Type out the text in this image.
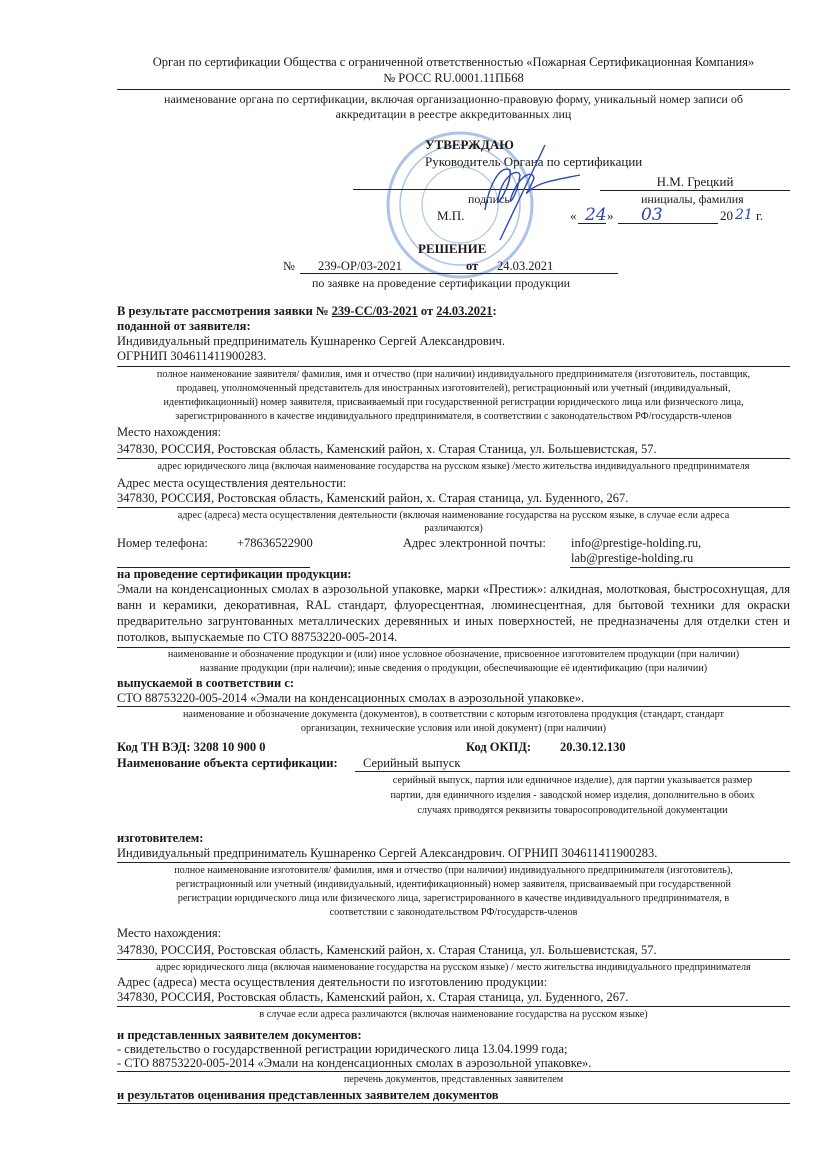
Орган по сертификации Общества с ограниченной ответственностью «Пожарная Сертификационная Компания»
№ РОСС RU.0001.11ПБ68
наименование органа по сертификации, включая организационно-правовую форму, уникальный номер записи об
аккредитации в реестре аккредитованных лиц
УТВЕРЖДАЮ
Руководитель Органа по сертификации
Н.М. Грецкий
подпись	инициалы, фамилия
М.П.	« 24 » 03	20 21 г.
РЕШЕНИЕ
№ 239-ОР/03-2021	от 24.03.2021
по заявке на проведение сертификации продукции
В результате рассмотрения заявки № 239-СС/03-2021 от 24.03.2021:
поданной от заявителя:
Индивидуальный предприниматель Кушнаренко Сергей Александрович.
ОГРНИП 304611411900283.
полное наименование заявителя/ фамилия, имя и отчество (при наличии) индивидуального предпринимателя (изготовитель, поставщик,
продавец, уполномоченный представитель для иностранных изготовителей), регистрационный или учетный (индивидуальный,
идентификационный) номер заявителя, присваиваемый при государственной регистрации юридического лица или физического лица,
зарегистрированного в качестве индивидуального предпринимателя, в соответствии с законодательством РФ/государств-членов
Место нахождения:
347830, РОССИЯ, Ростовская область, Каменский район, х. Старая Станица, ул. Большевистская, 57.
адрес юридического лица (включая наименование государства на русском языке) /место жительства индивидуального предпринимателя
Адрес места осуществления деятельности:
347830, РОССИЯ, Ростовская область, Каменский район, х. Старая станица, ул. Буденного, 267.
адрес (адреса) места осуществления деятельности (включая наименование государства на русском языке, в случае если адреса
различаются)
Номер телефона: +78636522900	Адрес электронной почты: info@prestige-holding.ru,
lab@prestige-holding.ru
на проведение сертификации продукции:
Эмали на конденсационных смолах в аэрозольной упаковке, марки «Престиж»: алкидная, молотковая, быстросохнущая, для ванн и керамики, декоративная, RAL стандарт, флуоресцентная, люминесцентная, для бытовой техники для окраски предварительно загрунтованных металлических деревянных и иных поверхностей, не предназначены для отделки стен и потолков, выпускаемые по СТО 88753220-005-2014.
наименование и обозначение продукции и (или) иное условное обозначение, присвоенное изготовителем продукции (при наличии)
название продукции (при наличии); иные сведения о продукции, обеспечивающие её идентификацию (при наличии)
выпускаемой в соответствии с:
СТО 88753220-005-2014 «Эмали на конденсационных смолах в аэрозольной упаковке».
наименование и обозначение документа (документов), в соответствии с которым изготовлена продукция (стандарт, стандарт
организации, технические условия или иной документ) (при наличии)
Код ТН ВЭД: 3208 10 900 0	Код ОКПД: 20.30.12.130
Наименование объекта сертификации: Серийный выпуск
серийный выпуск, партия или единичное изделие), для партии указывается размер
партии, для единичного изделия - заводской номер изделия, дополнительно в обоих
случаях приводятся реквизиты товаросопроводительной документации
изготовителем:
Индивидуальный предприниматель Кушнаренко Сергей Александрович. ОГРНИП 304611411900283.
полное наименование изготовителя/ фамилия, имя и отчество (при наличии) индивидуального предпринимателя (изготовитель),
регистрационный или учетный (индивидуальный, идентификационный) номер заявителя, присваиваемый при государственной
регистрации юридического лица или физического лица, зарегистрированного в качестве индивидуального предпринимателя, в
соответствии с законодательством РФ/государств-членов
Место нахождения:
347830, РОССИЯ, Ростовская область, Каменский район, х. Старая Станица, ул. Большевистская, 57.
адрес юридического лица (включая наименование государства на русском языке) / место жительства индивидуального предпринимателя
Адрес (адреса) места осуществления деятельности по изготовлению продукции:
347830, РОССИЯ, Ростовская область, Каменский район, х. Старая станица, ул. Буденного, 267.
в случае если адреса различаются (включая наименование государства на русском языке)
и представленных заявителем документов:
- свидетельство о государственной регистрации юридического лица 13.04.1999 года;
- СТО 88753220-005-2014 «Эмали на конденсационных смолах в аэрозольной упаковке».
перечень документов, представленных заявителем
и результатов оценивания представленных заявителем документов
